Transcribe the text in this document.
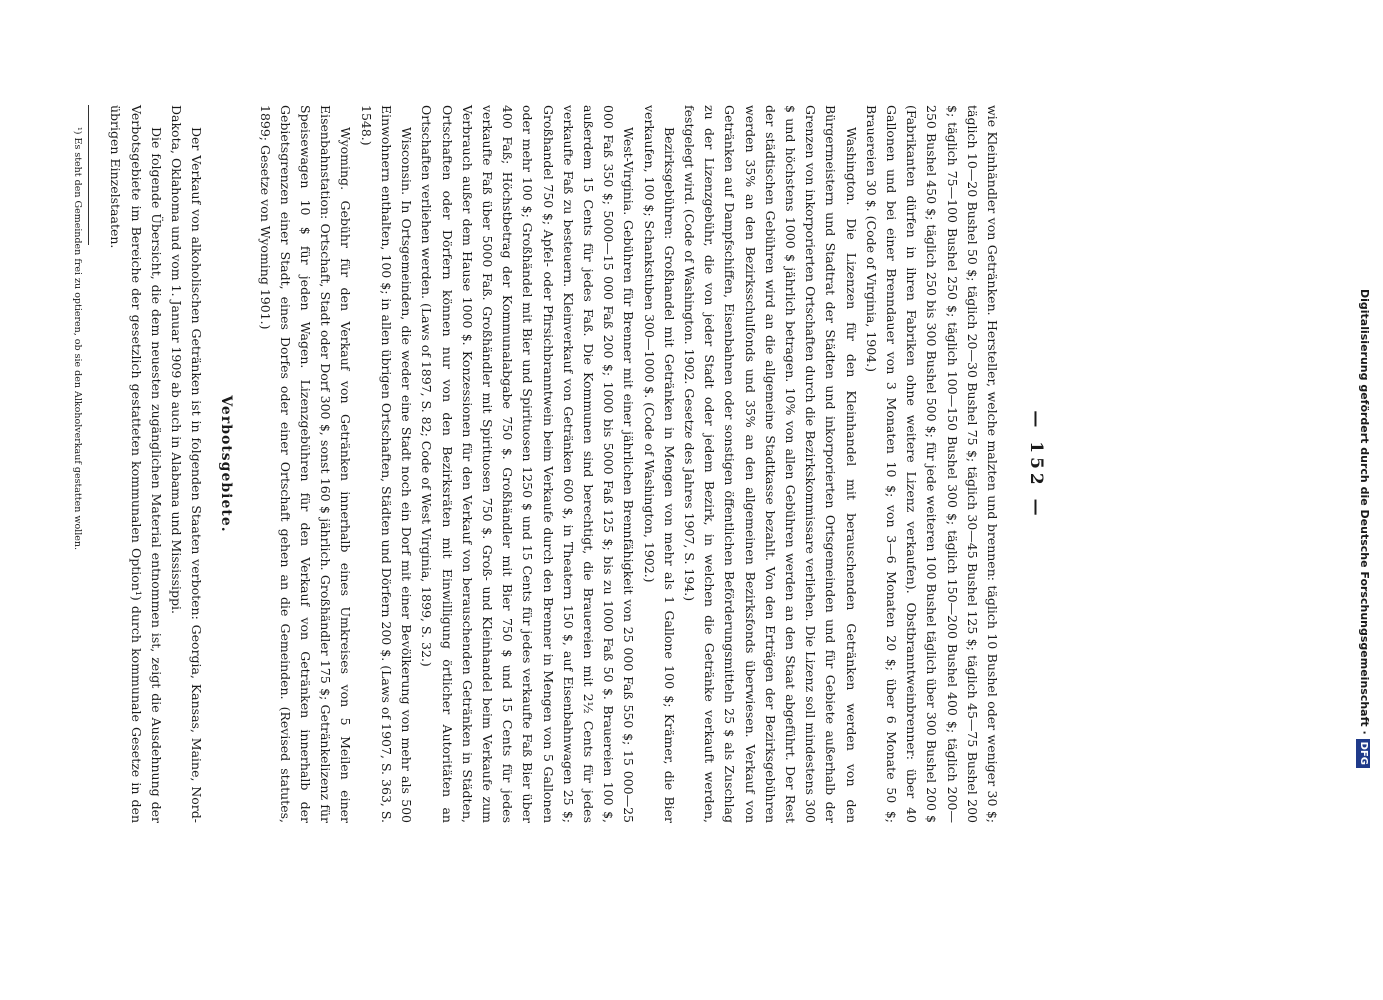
— 152 —

wie Kleinhändler von Getränken. Hersteller, welche malzten und brennen: täglich 10 Bushel oder weniger 30 $; täglich 10—20 Bushel 50 $; täglich 20—30 Bushel 75 $; täglich 30—45 Bushel 125 $; täglich 45—75 Bushel 200 $; täglich 75—100 Bushel 250 $; täglich 100—150 Bushel 300 $; täglich 150—200 Bushel 400 $; täglich 200—250 Bushel 450 $; täglich 250 bis 300 Bushel 500 $; für jede weiteren 100 Bushel täglich über 300 Bushel 200 $ (Fabrikanten dürfen in ihren Fabriken ohne weitere Lizenz verkaufen). Obstbranntweinbrenner: über 40 Gallonen und bei einer Brenndauer von 3 Monaten 10 $; von 3—6 Monaten 20 $; über 6 Monate 50 $; Brauereien 30 $. (Code of Virginia, 1904.)

Washington. Die Lizenzen für den Kleinhandel mit berauschenden Getränken werden von den Bürgermeistern und Stadtrat der Städten und inkorporierten Ortsgemeinden und für Gebiete außerhalb der Grenzen von inkorporierten Ortschaften durch die Bezirkskommissare verliehen. Die Lizenz soll mindestens 300 $ und höchstens 1000 $ jährlich betragen. 10% von allen Gebühren werden an den Staat abgeführt. Der Rest der städtischen Gebühren wird an die allgemeine Stadtkasse bezahlt. Von den Erträgen der Bezirksgebühren werden 35% an den Bezirksschulfonds und 35% an den allgemeinen Bezirksfonds überwiesen. Verkauf von Getränken auf Dampfschiffen, Eisenbahnen oder sonstigen öffentlichen Beförderungsmitteln 25 $ als Zuschlag zu der Lizenzgebühr, die von jeder Stadt oder jedem Bezirk, in welchen die Getränke verkauft werden, festgelegt wird. (Code of Washington. 1902. Gesetze des Jahres 1907, S. 194.)

Bezirksgebühren: Großhandel mit Getränken in Mengen von mehr als 1 Gallone 100 $; Krämer, die Bier verkaufen, 100 $; Schankstuben 300—1000 $. (Code of Washington, 1902.)

West-Virginia. Gebühren für Brenner mit einer jährlichen Brennfähigkeit von 25 000 Faß 550 $; 15 000—25 000 Faß 350 $; 5000—15 000 Faß 200 $; 1000 bis 5000 Faß 125 $; bis zu 1000 Faß 50 $. Brauereien 100 $, außerdem 15 Cents für jedes Faß. Die Kommunen sind berechtigt, die Brauereien mit 2½ Cents für jedes verkaufte Faß zu besteuern. Kleinverkauf von Getränken 600 $, in Theatern 150 $, auf Eisenbahnwagen 25 $; Großhandel 750 $; Apfel- oder Pfirsichbranntwein beim Verkaufe durch den Brenner in Mengen von 5 Gallonen oder mehr 100 $; Großhändel mit Bier und Spirituosen 1250 $ und 15 Cents für jedes verkaufte Faß Bier über 400 Faß; Höchstbetrag der Kommunalabgabe 750 $. Großhändler mit Bier 750 $ und 15 Cents für jedes verkaufte Faß über 5000 Faß. Großhändler mit Spirituosen 750 $. Groß- und Kleinhandel beim Verkaufe zum Verbrauch außer dem Hause 1000 $. Konzessionen für den Verkauf von berauschenden Getränken in Städten, Ortschaften oder Dörfern können nur von den Bezirksräten mit Einwilligung örtlicher Autoritäten an Ortschaften verliehen werden. (Laws of 1897, S. 82; Code of West Virginia, 1899, S. 32.)

Wisconsin. In Ortsgemeinden, die weder eine Stadt noch ein Dorf mit einer Bevölkerung von mehr als 500 Einwohnern enthalten, 100 $; in allen übrigen Ortschaften, Städten und Dörfern 200 $. (Laws of 1907, S. 363, S. 1548.)

Wyoming. Gebühr für den Verkauf von Getränken innerhalb eines Umkreises von 5 Meilen einer Eisenbahnstation: Ortschaft, Stadt oder Dorf 300 $, sonst 160 $ jährlich. Großhändler 175 $; Getränkelizenz für Speisewagen 10 $ für jeden Wagen. Lizenzgebühren für den Verkauf von Getränken innerhalb der Gebietsgrenzen einer Stadt, eines Dorfes oder einer Ortschaft gehen an die Gemeinden. (Revised statutes, 1899; Gesetze von Wyoming 1901.)

Verbotsgebiete.

Der Verkauf von alkoholischen Getränken ist in folgenden Staaten verboten: Georgia, Kansas, Maine, Nord-Dakota, Oklahoma und vom 1. Januar 1909 ab auch in Alabama und Mississippi.

Die folgende Übersicht, die dem neuesten zugänglichen Material entnommen ist, zeigt die Ausdehnung der Verbotsgebiete im Bereiche der gesetzlich gestatteten kommunalen Option¹) durch kommunale Gesetze in den übrigen Einzelstaaten.

¹) Es steht den Gemeinden frei zu optieren, ob sie den Alkoholverkauf gestatten wollen.	Digitalisierung gefördert durch die Deutsche Forschungsgemeinschaft ·DFG
